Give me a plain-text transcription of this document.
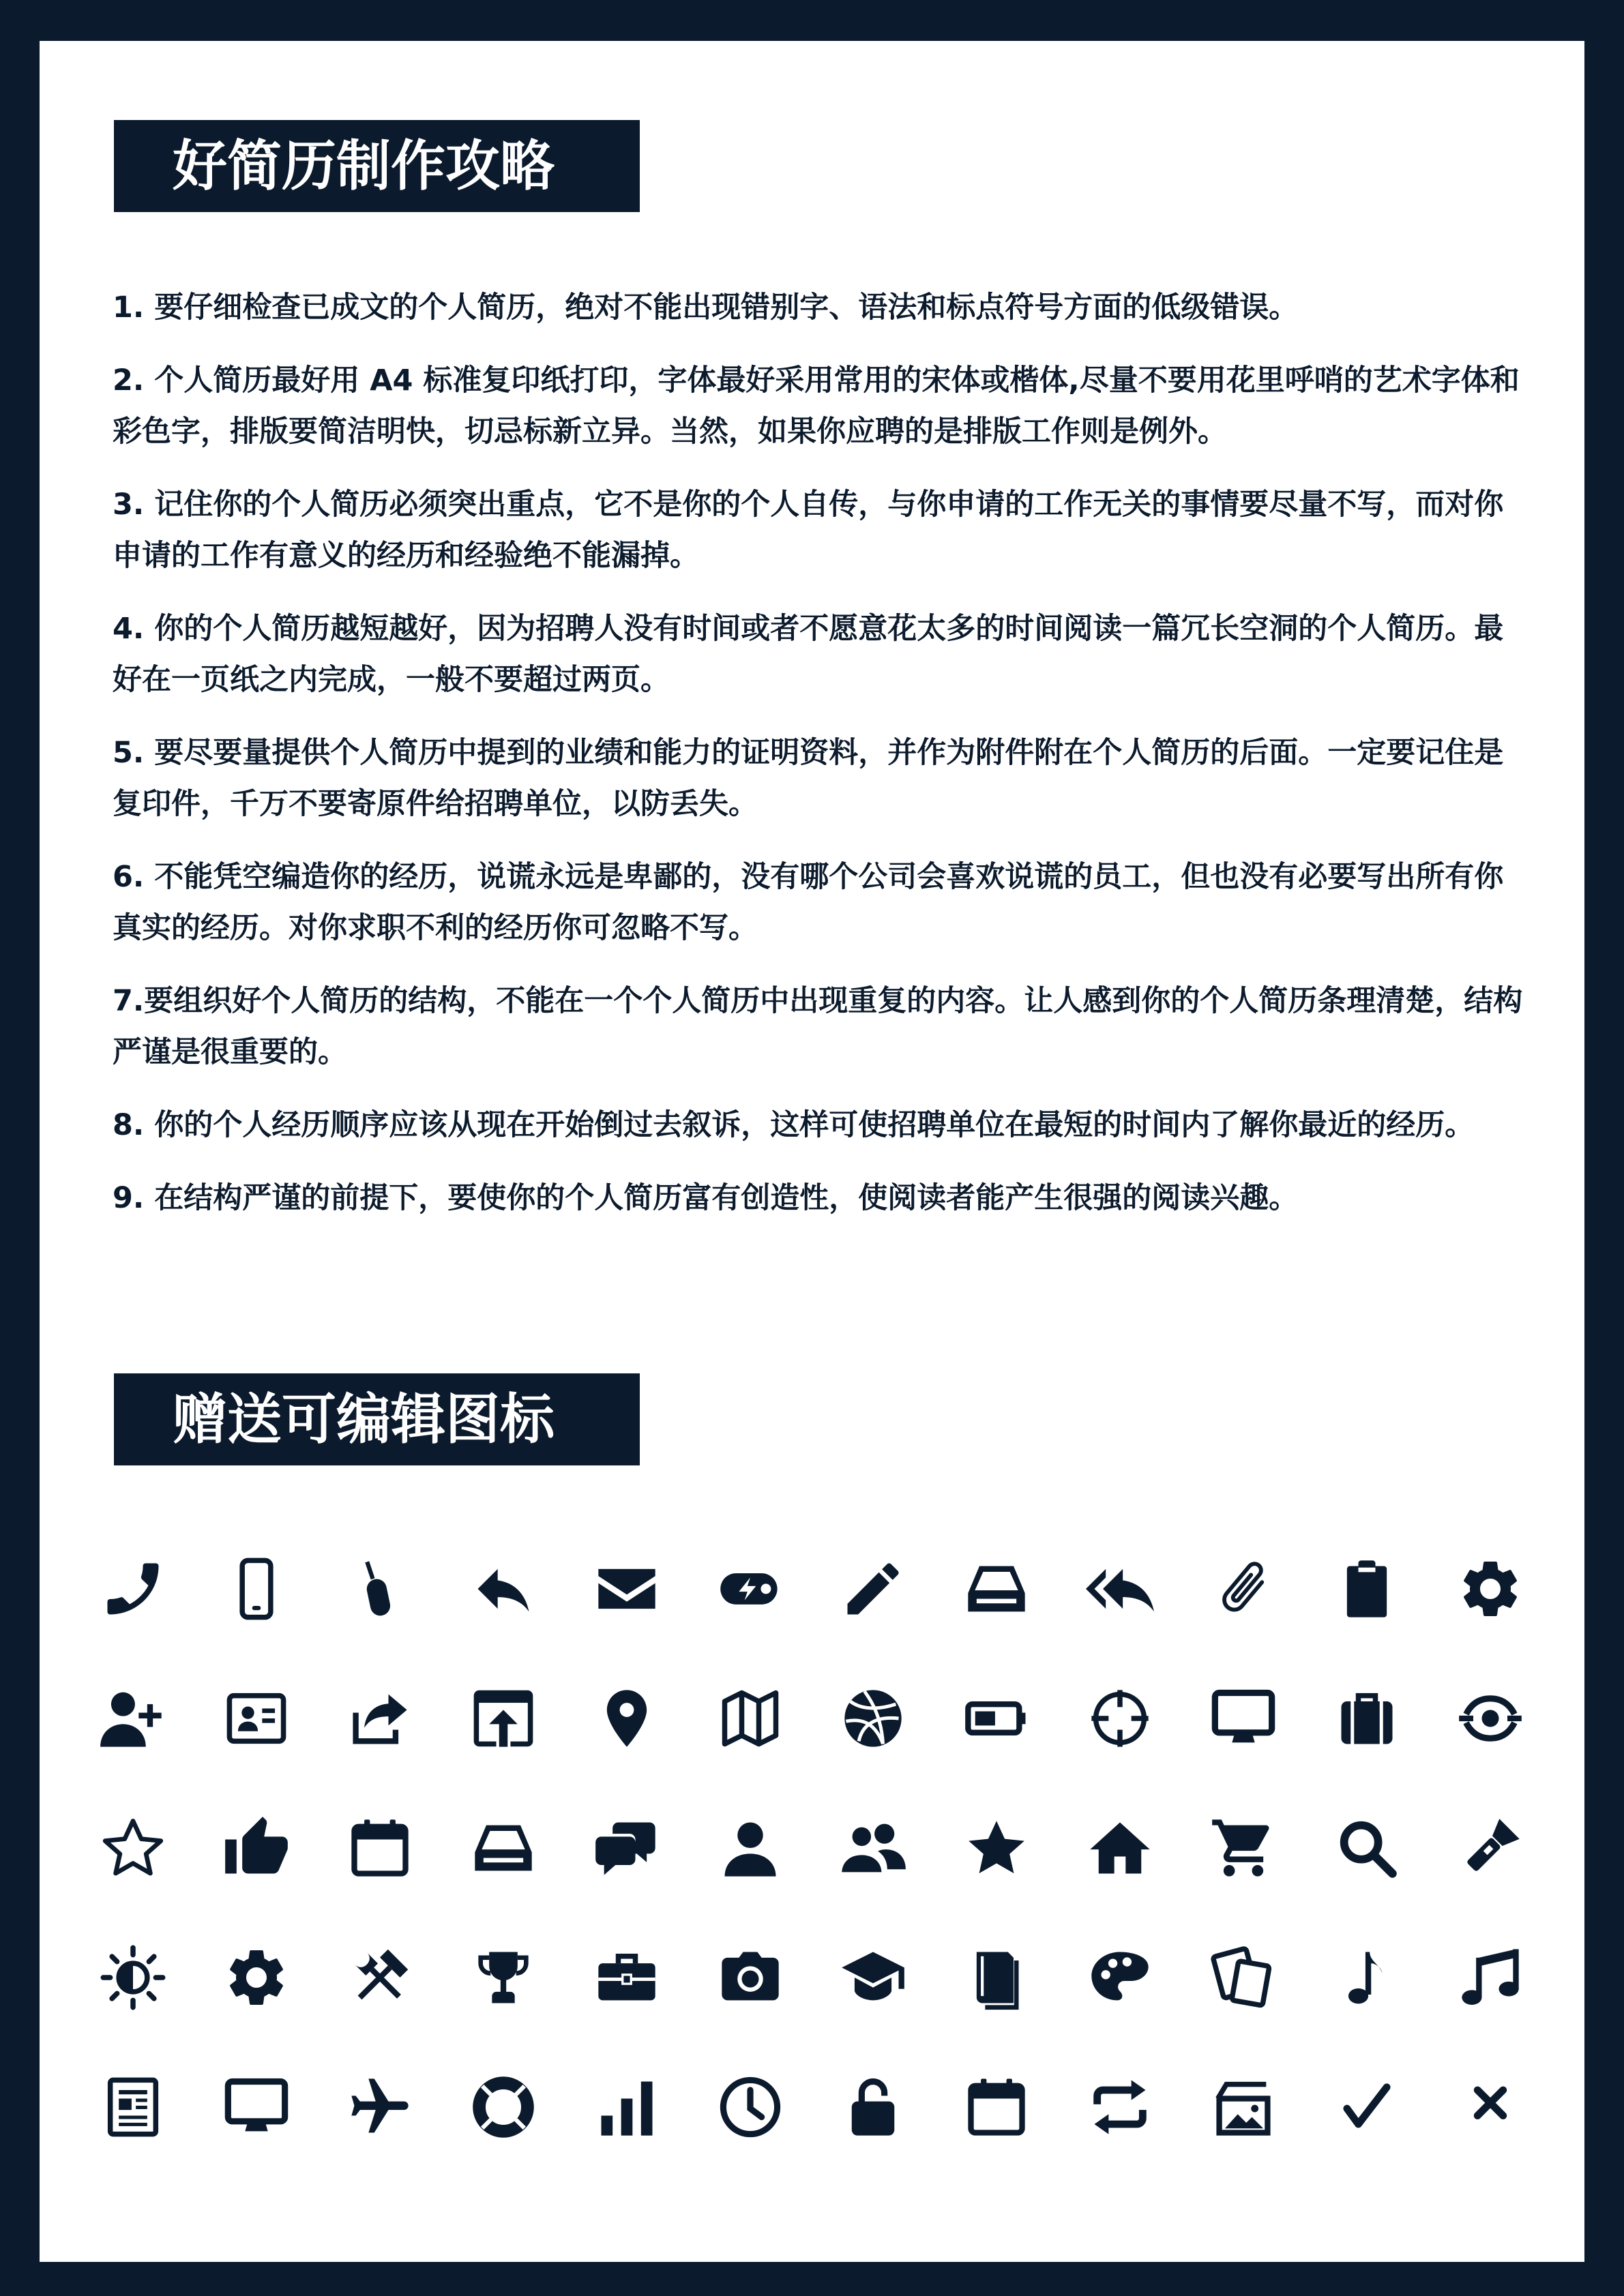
好简历制作攻略

1. 要仔细检查已成文的个人简历，绝对不能出现错别字、语法和标点符号方面的低级错误。

2. 个人简历最好用 A4 标准复印纸打印，字体最好采用常用的宋体或楷体,尽量不要用花里呼哨的艺术字体和彩色字，排版要简洁明快，切忌标新立异。当然，如果你应聘的是排版工作则是例外。

3. 记住你的个人简历必须突出重点，它不是你的个人自传，与你申请的工作无关的事情要尽量不写，而对你申请的工作有意义的经历和经验绝不能漏掉。

4. 你的个人简历越短越好，因为招聘人没有时间或者不愿意花太多的时间阅读一篇冗长空洞的个人简历。最好在一页纸之内完成，一般不要超过两页。

5. 要尽要量提供个人简历中提到的业绩和能力的证明资料，并作为附件附在个人简历的后面。一定要记住是复印件，千万不要寄原件给招聘单位，以防丢失。

6. 不能凭空编造你的经历，说谎永远是卑鄙的，没有哪个公司会喜欢说谎的员工，但也没有必要写出所有你真实的经历。对你求职不利的经历你可忽略不写。

7.要组织好个人简历的结构，不能在一个个人简历中出现重复的内容。让人感到你的个人简历条理清楚，结构严谨是很重要的。

8. 你的个人经历顺序应该从现在开始倒过去叙诉，这样可使招聘单位在最短的时间内了解你最近的经历。

9. 在结构严谨的前提下，要使你的个人简历富有创造性，使阅读者能产生很强的阅读兴趣。

赠送可编辑图标
